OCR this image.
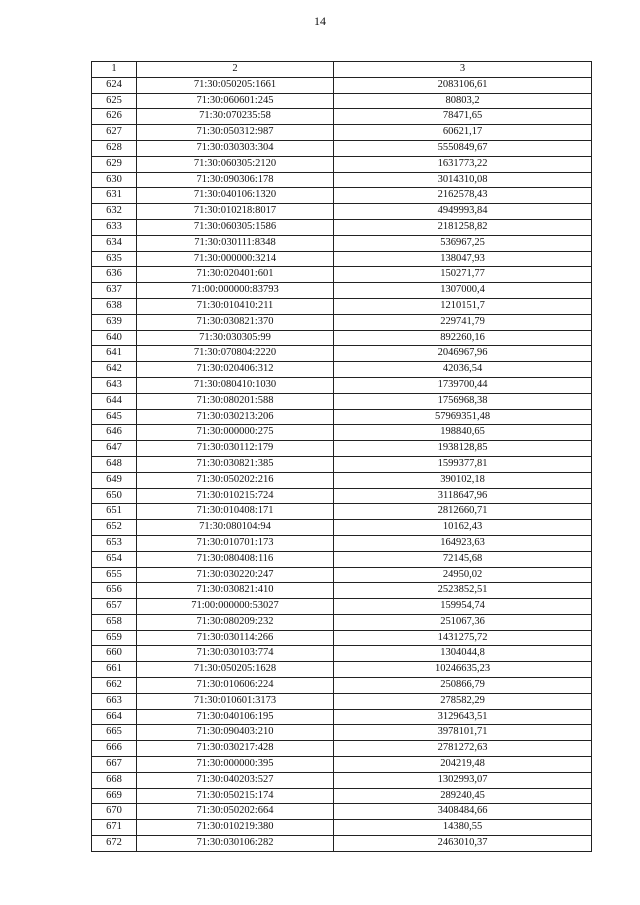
14
1	2	3
624	71:30:050205:1661	2083106,61
625	71:30:060601:245	80803,2
626	71:30:070235:58	78471,65
627	71:30:050312:987	60621,17
628	71:30:030303:304	5550849,67
629	71:30:060305:2120	1631773,22
630	71:30:090306:178	3014310,08
631	71:30:040106:1320	2162578,43
632	71:30:010218:8017	4949993,84
633	71:30:060305:1586	2181258,82
634	71:30:030111:8348	536967,25
635	71:30:000000:3214	138047,93
636	71:30:020401:601	150271,77
637	71:00:000000:83793	1307000,4
638	71:30:010410:211	1210151,7
639	71:30:030821:370	229741,79
640	71:30:030305:99	892260,16
641	71:30:070804:2220	2046967,96
642	71:30:020406:312	42036,54
643	71:30:080410:1030	1739700,44
644	71:30:080201:588	1756968,38
645	71:30:030213:206	57969351,48
646	71:30:000000:275	198840,65
647	71:30:030112:179	1938128,85
648	71:30:030821:385	1599377,81
649	71:30:050202:216	390102,18
650	71:30:010215:724	3118647,96
651	71:30:010408:171	2812660,71
652	71:30:080104:94	10162,43
653	71:30:010701:173	164923,63
654	71:30:080408:116	72145,68
655	71:30:030220:247	24950,02
656	71:30:030821:410	2523852,51
657	71:00:000000:53027	159954,74
658	71:30:080209:232	251067,36
659	71:30:030114:266	1431275,72
660	71:30:030103:774	1304044,8
661	71:30:050205:1628	10246635,23
662	71:30:010606:224	250866,79
663	71:30:010601:3173	278582,29
664	71:30:040106:195	3129643,51
665	71:30:090403:210	3978101,71
666	71:30:030217:428	2781272,63
667	71:30:000000:395	204219,48
668	71:30:040203:527	1302993,07
669	71:30:050215:174	289240,45
670	71:30:050202:664	3408484,66
671	71:30:010219:380	14380,55
672	71:30:030106:282	2463010,37
